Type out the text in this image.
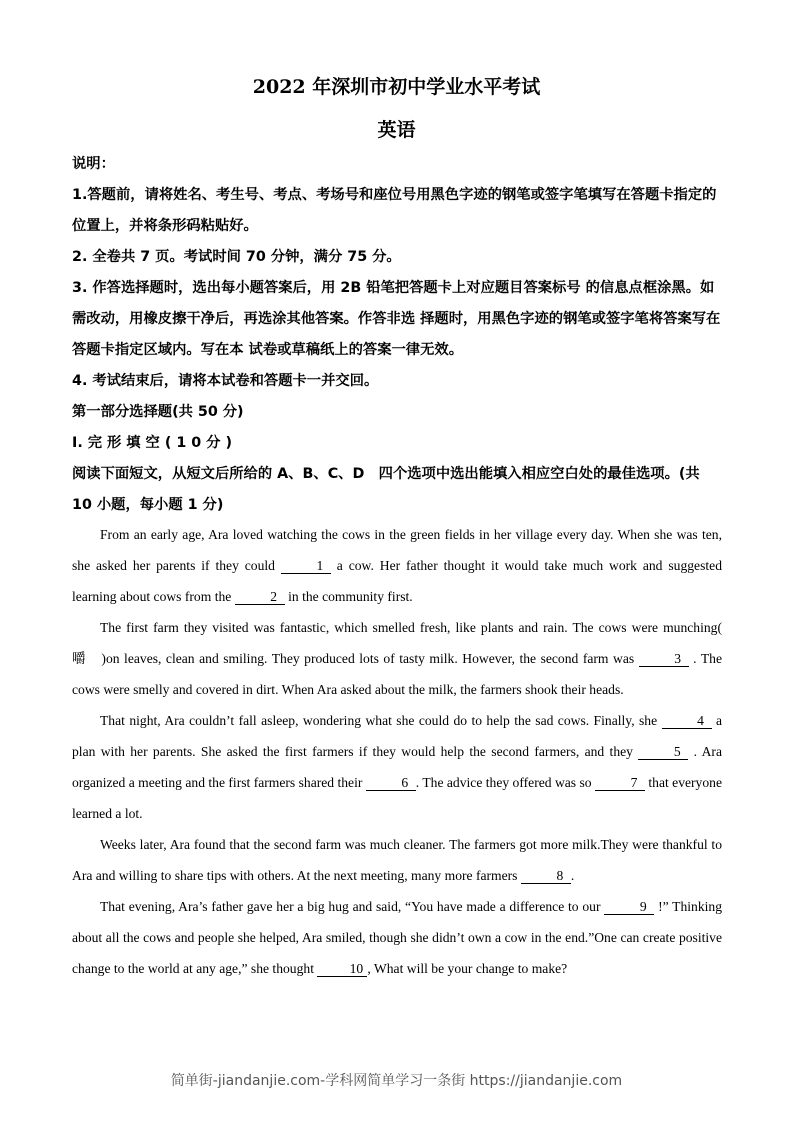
2022 年深圳市初中学业水平考试
英语

说明：

1.答题前，请将姓名、考生号、考点、考场号和座位号用黑色字迹的钢笔或签字笔填写在答题卡指定的位置上，并将条形码粘贴好。

2. 全卷共 7 页。考试时间 70 分钟，满分 75 分。

3. 作答选择题时，选出每小题答案后，用 2B 铅笔把答题卡上对应题目答案标号 的信息点框涂黑。如需改动，用橡皮擦干净后，再选涂其他答案。作答非选 择题时，用黑色字迹的钢笔或签字笔将答案写在答题卡指定区域内。写在本 试卷或草稿纸上的答案一律无效。

4. 考试结束后，请将本试卷和答题卡一并交回。

第一部分选择题(共 50 分)

I. 完 形 填 空 ( 1 0 分 )

阅读下面短文，从短文后所给的 A、B、C、D　四个选项中选出能填入相应空白处的最佳选项。(共 10 小题，每小题 1 分)

From an early age, Ara loved watching the cows in the green fields in her village every day. When she was ten, she asked her parents if they could	1 a cow. Her father thought it would take much work and suggested learning about cows from the	2 in the community first.

The first farm they visited was fantastic, which smelled fresh, like plants and rain. The cows were munching(　嚼　)on leaves, clean and smiling. They produced lots of tasty milk. However, the second farm was	3 . The cows were smelly and covered in dirt. When Ara asked about the milk, the farmers shook their heads.

That night, Ara couldn’t fall asleep, wondering what she could do to help the sad cows. Finally, she	4 a plan with her parents. She asked the first farmers if they would help the second farmers, and they	5 . Ara organized a meeting and the first farmers shared their	6 . The advice they offered was so	7 that everyone learned a lot.

Weeks later, Ara found that the second farm was much cleaner. The farmers got more milk.They were thankful to Ara and willing to share tips with others. At the next meeting, many more farmers	8 .

That evening, Ara’s father gave her a big hug and said, “You have made a difference to our	9 !” Thinking about all the cows and people she helped, Ara smiled, though she didn’t own a cow in the end.”One can create positive change to the world at any age,” she thought 10 , What will be your change to make?

简单街-jiandanjie.com-学科网简单学习一条街 https://jiandanjie.com
